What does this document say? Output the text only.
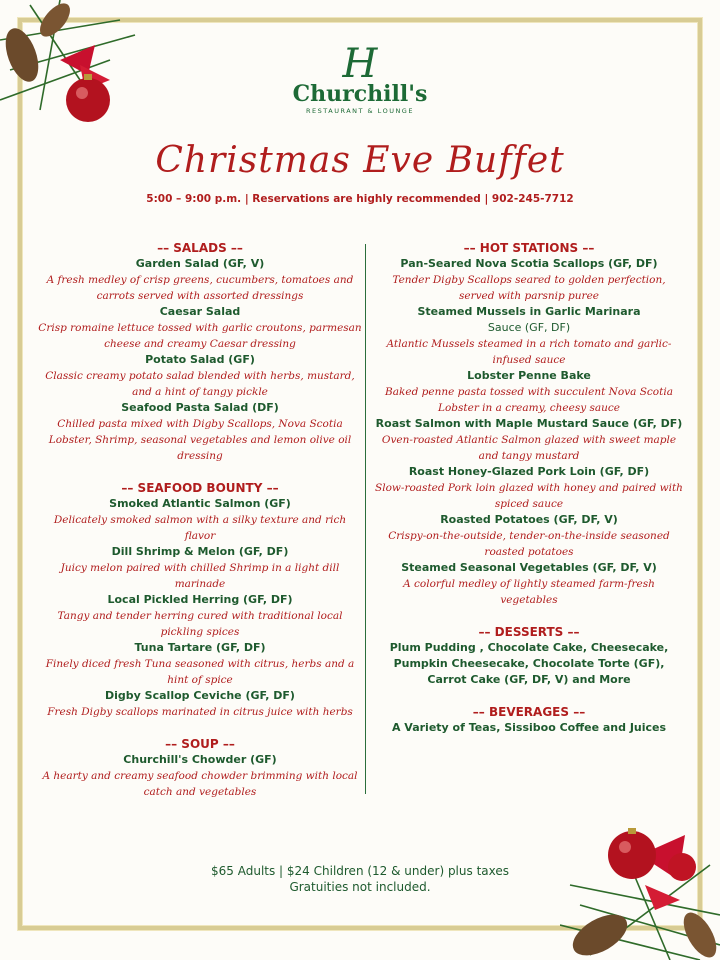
H
Churchill's
RESTAURANT & LOUNGE
Christmas Eve Buffet
5:00 – 9:00 p.m. | Reservations are highly recommended | 902-245-7712
–– SALADS ––
Garden Salad (GF, V)
A fresh medley of crisp greens, cucumbers, tomatoes and carrots served with assorted dressings
Caesar Salad
Crisp romaine lettuce tossed with garlic croutons, parmesan cheese and creamy Caesar dressing
Potato Salad (GF)
Classic creamy potato salad blended with herbs, mustard, and a hint of tangy pickle
Seafood Pasta Salad (DF)
Chilled pasta mixed with Digby Scallops, Nova Scotia Lobster, Shrimp, seasonal vegetables and lemon olive oil dressing
–– SEAFOOD BOUNTY ––
Smoked Atlantic Salmon (GF)
Delicately smoked salmon with a silky texture and rich flavor
Dill Shrimp & Melon (GF, DF)
Juicy melon paired with chilled Shrimp in a light dill marinade
Local Pickled Herring (GF, DF)
Tangy and tender herring cured with traditional local pickling spices
Tuna Tartare (GF, DF)
Finely diced fresh Tuna seasoned with citrus, herbs and a hint of spice
Digby Scallop Ceviche (GF, DF)
Fresh Digby scallops marinated in citrus juice with herbs
–– SOUP ––
Churchill's Chowder (GF)
A hearty and creamy seafood chowder brimming with local catch and vegetables
–– HOT STATIONS ––
Pan-Seared Nova Scotia Scallops (GF, DF)
Tender Digby Scallops seared to golden perfection, served with parsnip puree
Steamed Mussels in Garlic Marinara
Sauce (GF, DF)
Atlantic Mussels steamed in a rich tomato and garlic-infused sauce
Lobster Penne Bake
Baked penne pasta tossed with succulent Nova Scotia Lobster in a creamy, cheesy sauce
Roast Salmon with Maple Mustard Sauce (GF, DF)
Oven-roasted Atlantic Salmon glazed with sweet maple and tangy mustard
Roast Honey-Glazed Pork Loin (GF, DF)
Slow-roasted Pork loin glazed with honey and paired with spiced sauce
Roasted Potatoes (GF, DF, V)
Crispy-on-the-outside, tender-on-the-inside seasoned roasted potatoes
Steamed Seasonal Vegetables (GF, DF, V)
A colorful medley of lightly steamed farm-fresh vegetables
–– DESSERTS ––
Plum Pudding , Chocolate Cake, Cheesecake, Pumpkin Cheesecake, Chocolate Torte (GF), Carrot Cake (GF, DF, V) and More
–– BEVERAGES ––
A Variety of Teas, Sissiboo Coffee and Juices
$65 Adults | $24 Children (12 & under) plus taxes
Gratuities not included.
